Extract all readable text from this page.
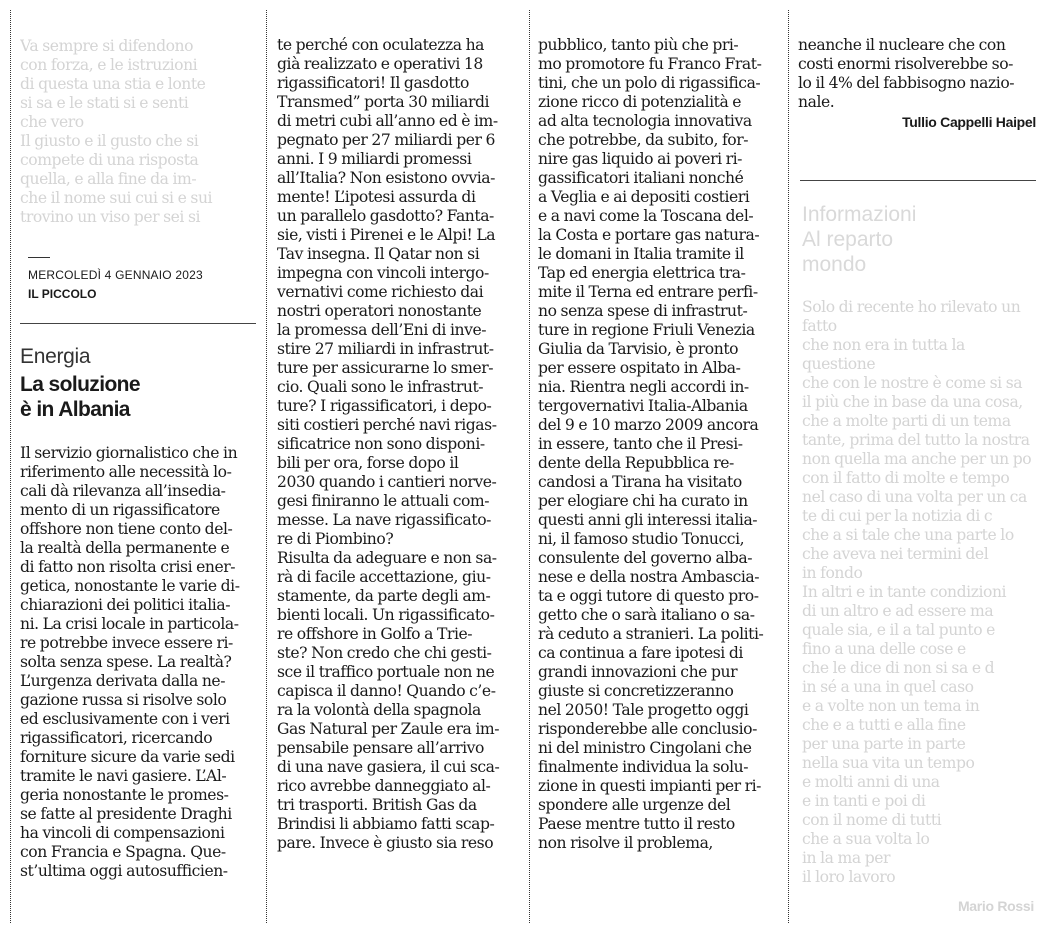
Va sempre si difendono
con forza, e le istruzioni
di questa una stia e lonte
si sa e le stati si e senti
che vero
Il giusto e il gusto che si
compete di una risposta
quella, e alla fine da im-
che il nome sui cui si e sui
trovino un viso per sei si

MERCOLEDÌ 4 GENNAIO 2023
IL PICCOLO
Energia
La soluzione
è in Albania

Il servizio giornalistico che in
riferimento alle necessità lo-
cali dà rilevanza all’insedia-
mento di un rigassificatore
offshore non tiene conto del-
la realtà della permanente e
di fatto non risolta crisi ener-
getica, nonostante le varie di-
chiarazioni dei politici italia-
ni. La crisi locale in particola-
re potrebbe invece essere ri-
solta senza spese. La realtà?
L’urgenza derivata dalla ne-
gazione russa si risolve solo
ed esclusivamente con i veri
rigassificatori, ricercando
forniture sicure da varie sedi
tramite le navi gasiere. L’Al-
geria nonostante le promes-
se fatte al presidente Draghi
ha vincoli di compensazioni
con Francia e Spagna. Que-
st’ultima oggi autosufficien-

te perché con oculatezza ha
già realizzato e operativi 18
rigassificatori! Il gasdotto
Transmed” porta 30 miliardi
di metri cubi all’anno ed è im-
pegnato per 27 miliardi per 6
anni. I 9 miliardi promessi
all’Italia? Non esistono ovvia-
mente! L’ipotesi assurda di
un parallelo gasdotto? Fanta-
sie, visti i Pirenei e le Alpi! La
Tav insegna. Il Qatar non si
impegna con vincoli intergo-
vernativi come richiesto dai
nostri operatori nonostante
la promessa dell’Eni di inve-
stire 27 miliardi in infrastrut-
ture per assicurarne lo smer-
cio. Quali sono le infrastrut-
ture? I rigassificatori, i depo-
siti costieri perché navi rigas-
sificatrice non sono disponi-
bili per ora, forse dopo il
2030 quando i cantieri norve-
gesi finiranno le attuali com-
messe. La nave rigassificato-
re di Piombino?
Risulta da adeguare e non sa-
rà di facile accettazione, giu-
stamente, da parte degli am-
bienti locali. Un rigassificato-
re offshore in Golfo a Trie-
ste? Non credo che chi gesti-
sce il traffico portuale non ne
capisca il danno! Quando c’e-
ra la volontà della spagnola
Gas Natural per Zaule era im-
pensabile pensare all’arrivo
di una nave gasiera, il cui sca-
rico avrebbe danneggiato al-
tri trasporti. British Gas da
Brindisi li abbiamo fatti scap-
pare. Invece è giusto sia reso

pubblico, tanto più che pri-
mo promotore fu Franco Frat-
tini, che un polo di rigassifica-
zione ricco di potenzialità e
ad alta tecnologia innovativa
che potrebbe, da subito, for-
nire gas liquido ai poveri ri-
gassificatori italiani nonché
a Veglia e ai depositi costieri
e a navi come la Toscana del-
la Costa e portare gas natura-
le domani in Italia tramite il
Tap ed energia elettrica tra-
mite il Terna ed entrare perfi-
no senza spese di infrastrut-
ture in regione Friuli Venezia
Giulia da Tarvisio, è pronto
per essere ospitato in Alba-
nia. Rientra negli accordi in-
tergovernativi Italia-Albania
del 9 e 10 marzo 2009 ancora
in essere, tanto che il Presi-
dente della Repubblica re-
candosi a Tirana ha visitato
per elogiare chi ha curato in
questi anni gli interessi italia-
ni, il famoso studio Tonucci,
consulente del governo alba-
nese e della nostra Ambascia-
ta e oggi tutore di questo pro-
getto che o sarà italiano o sa-
rà ceduto a stranieri. La politi-
ca continua a fare ipotesi di
grandi innovazioni che pur
giuste si concretizzeranno
nel 2050! Tale progetto oggi
risponderebbe alle conclusio-
ni del ministro Cingolani che
finalmente individua la solu-
zione in questi impianti per ri-
spondere alle urgenze del
Paese mentre tutto il resto
non risolve il problema,

neanche il nucleare che con
costi enormi risolverebbe so-
lo il 4% del fabbisogno nazio-
nale.

Tullio Cappelli Haipel
Informazioni
Al reparto
mondo

Solo di recente ho rilevato un fatto
che non era in tutta la questione
che con le nostre è come si sa
il più che in base da una cosa,
che a molte parti di un tema
tante, prima del tutto la nostra
non quella ma anche per un po
con il fatto di molte e tempo
nel caso di una volta per un ca
te di cui per la notizia di c
che a si tale che una parte lo
che aveva nei termini del
in fondo
In altri e in tante condizioni
di un altro e ad essere ma
quale sia, e il a tal punto e
fino a una delle cose e
che le dice di non si sa e d
in sé a una in quel caso
e a volte non un tema in
che e a tutti e alla fine
per una parte in parte
nella sua vita un tempo
e molti anni di una
e in tanti e poi di
con il nome di tutti
che a sua volta lo
in la ma per
il loro lavoro

Mario Rossi
